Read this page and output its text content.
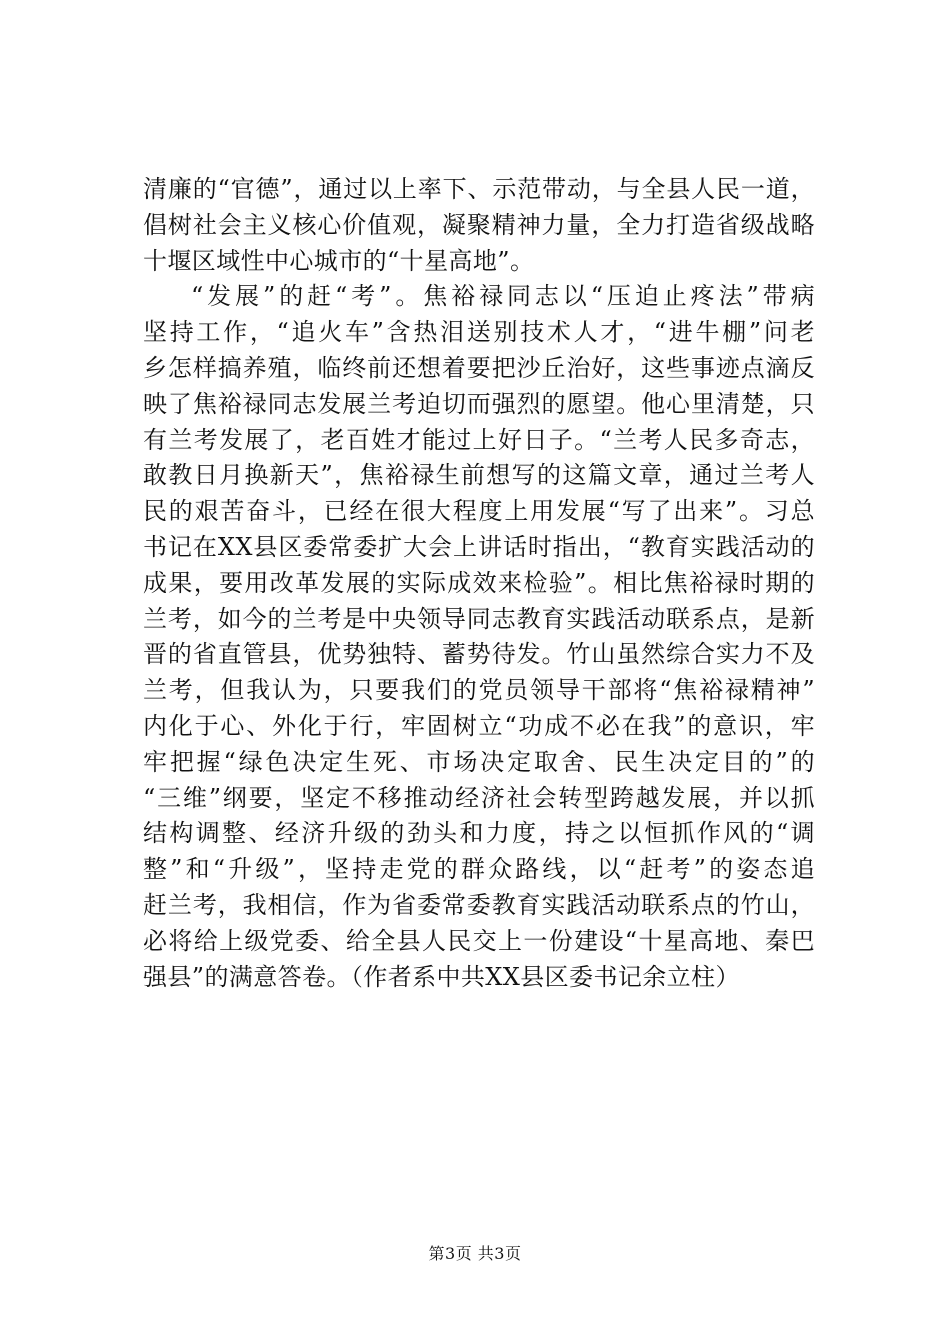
清廉的“官德”，通过以上率下、示范带动，与全县人民一道，
倡树社会主义核心价值观，凝聚精神力量，全力打造省级战略
十堰区域性中心城市的“十星高地”。
“发展”的赶“考”。焦裕禄同志以“压迫止疼法”带病
坚持工作，“追火车”含热泪送别技术人才，“进牛棚”问老
乡怎样搞养殖，临终前还想着要把沙丘治好，这些事迹点滴反
映了焦裕禄同志发展兰考迫切而强烈的愿望。他心里清楚，只
有兰考发展了，老百姓才能过上好日子。“兰考人民多奇志，
敢教日月换新天”，焦裕禄生前想写的这篇文章，通过兰考人
民的艰苦奋斗，已经在很大程度上用发展“写了出来”。习总
书记在XX县区委常委扩大会上讲话时指出，“教育实践活动的
成果，要用改革发展的实际成效来检验”。相比焦裕禄时期的
兰考，如今的兰考是中央领导同志教育实践活动联系点，是新
晋的省直管县，优势独特、蓄势待发。竹山虽然综合实力不及
兰考，但我认为，只要我们的党员领导干部将“焦裕禄精神”
内化于心、外化于行，牢固树立“功成不必在我”的意识，牢
牢把握“绿色决定生死、市场决定取舍、民生决定目的”的
“三维”纲要，坚定不移推动经济社会转型跨越发展，并以抓
结构调整、经济升级的劲头和力度，持之以恒抓作风的“调
整”和“升级”，坚持走党的群众路线，以“赶考”的姿态追
赶兰考，我相信，作为省委常委教育实践活动联系点的竹山，
必将给上级党委、给全县人民交上一份建设“十星高地、秦巴
强县”的满意答卷。（作者系中共XX县区委书记余立柱）
第3页 共3页
